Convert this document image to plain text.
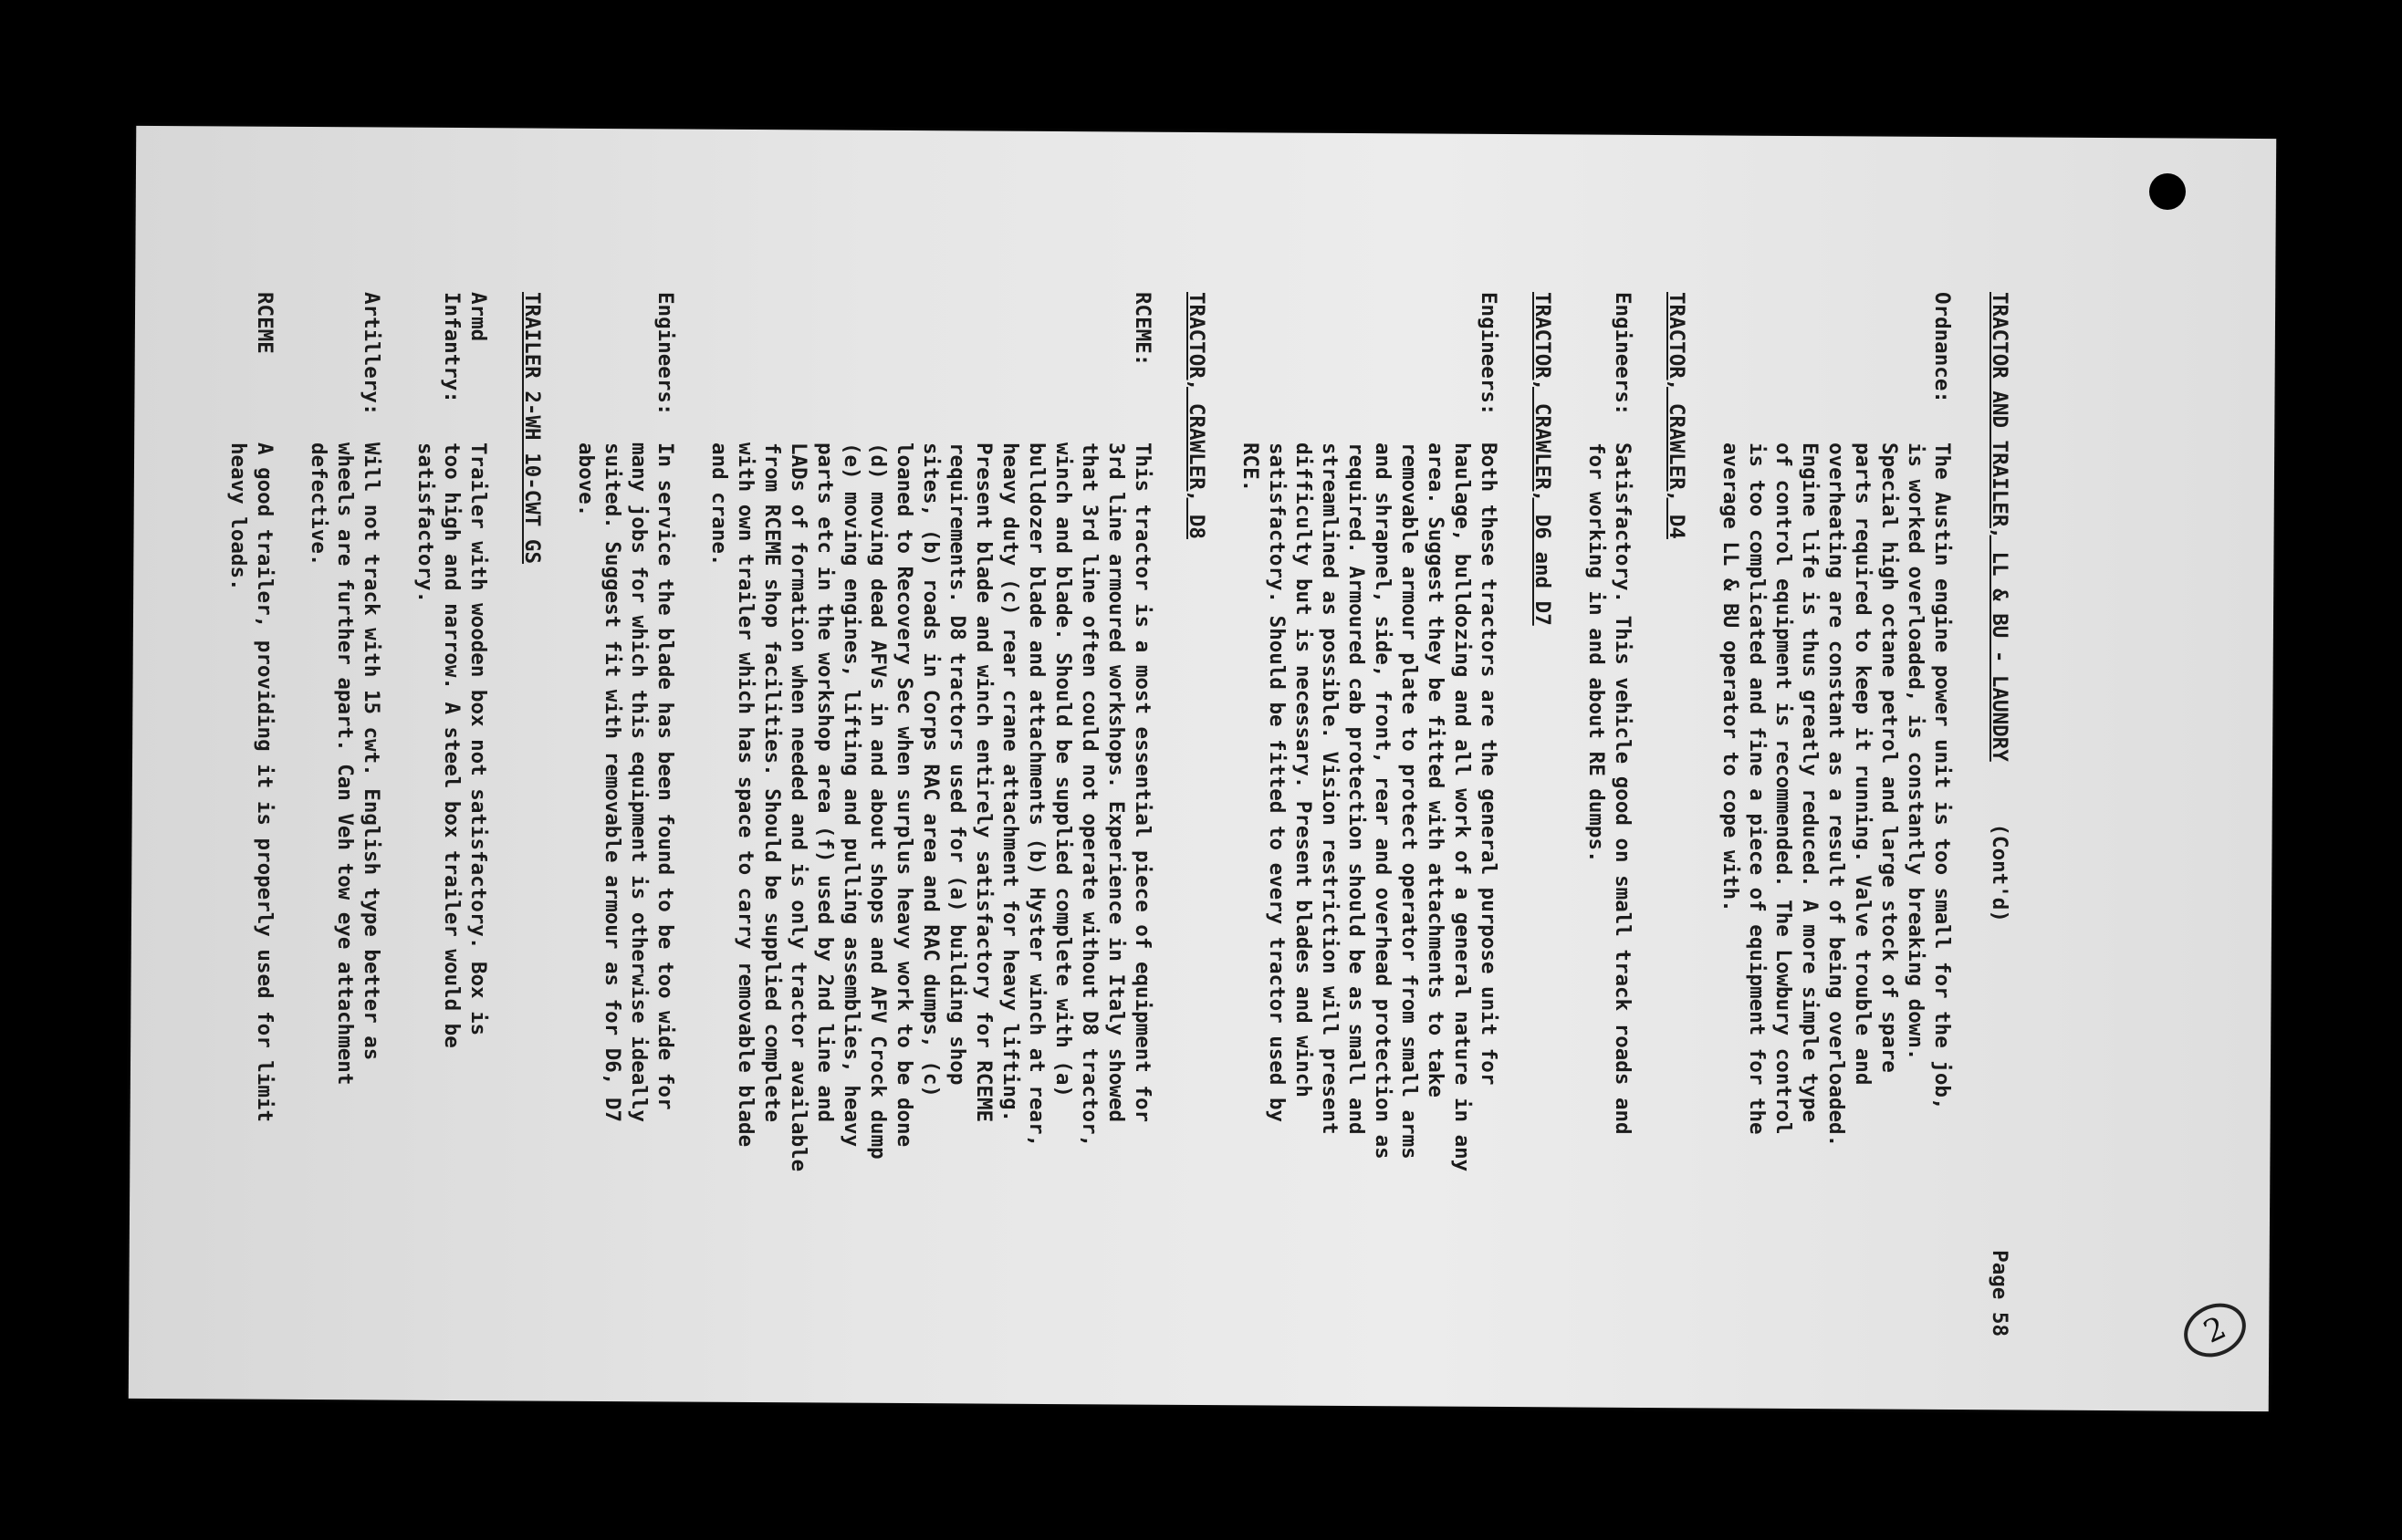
2
TRACTOR AND TRAILER, LL & BU - LAUNDRY     (Cont'd)
Page 58
Ordnance:
The Austin engine power unit is too small for the job,
is worked overloaded, is constantly breaking down.
Special high octane petrol and large stock of spare
parts required to keep it running. Valve trouble and
overheating are constant as a result of being overloaded.
Engine life is thus greatly reduced. A more simple type
of control equipment is recommended. The Lowbury control
is too complicated and fine a piece of equipment for the
average LL & BU operator to cope with.
TRACTOR, CRAWLER, D4
Engineers:
Satisfactory. This vehicle good on small track roads and
for working in and about RE dumps.
TRACTOR, CRAWLER, D6 and D7
Engineers:
Both these tractors are the general purpose unit for
haulage, bulldozing and all work of a general nature in any
area. Suggest they be fitted with attachments to take
removable armour plate to protect operator from small arms
and shrapnel, side, front, rear and overhead protection as
required. Armoured cab protection should be as small and
streamlined as possible. Vision restriction will present
difficulty but is necessary. Present blades and winch
satisfactory. Should be fitted to every tractor used by
RCE.
TRACTOR, CRAWLER, D8
RCEME:
This tractor is a most essential piece of equipment for
3rd line armoured workshops. Experience in Italy showed
that 3rd line often could not operate without D8 tractor,
winch and blade. Should be supplied complete with (a)
bulldozer blade and attachments (b) Hyster winch at rear,
heavy duty (c) rear crane attachment for heavy lifting.
Present blade and winch entirely satisfactory for RCEME
requirements. D8 tractors used for (a) building shop
sites, (b) roads in Corps RAC area and RAC dumps, (c)
loaned to Recovery Sec when surplus heavy work to be done
(d) moving dead AFVs in and about shops and AFV Crock dump
(e) moving engines, lifting and pulling assemblies, heavy
parts etc in the workshop area (f) used by 2nd line and
LADs of formation when needed and is only tractor available
from RCEME shop facilities. Should be supplied complete
with own trailer which has space to carry removable blade
and crane.
Engineers:
In service the blade has been found to be too wide for
many jobs for which this equipment is otherwise ideally
suited. Suggest fit with removable armour as for D6, D7
above.
TRAILER 2-WH 10-CWT GS
Armd Infantry:
Trailer with wooden box not satisfactory. Box is
too high and narrow. A steel box trailer would be
satisfactory.
Artillery:
Will not track with 15 cwt. English type better as
wheels are further apart. Can Veh tow eye attachment
defective.
RCEME
A good trailer, providing it is properly used for limit
heavy loads.
